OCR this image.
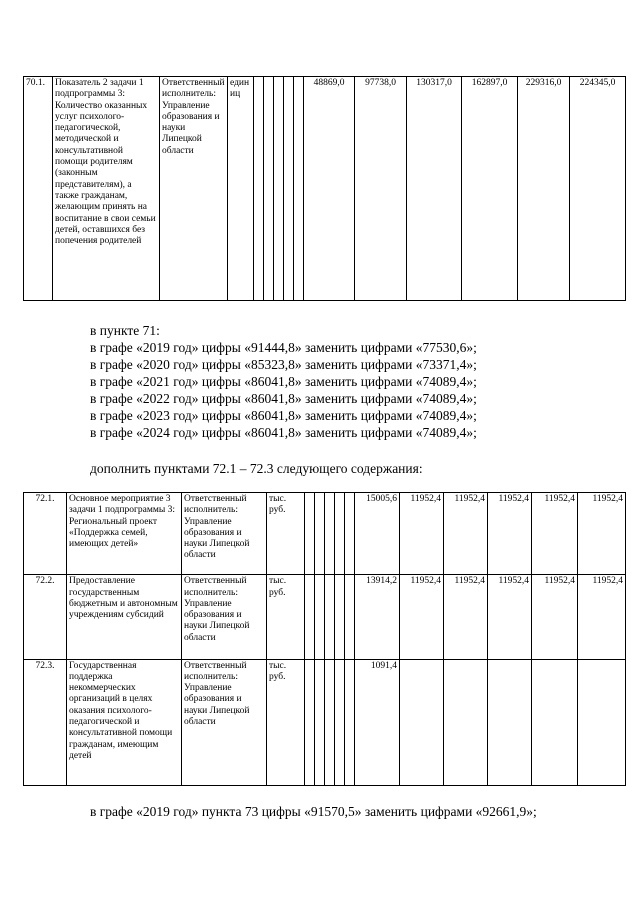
70.1.	Показатель 2 задачи 1 подпрограммы 3: Количество оказанных услуг психолого-педагогической, методической и консультативной помощи родителям (законным представителям), а также гражданам, желающим принять на воспитание в свои семьи детей, оставшихся без попечения родителей	Ответственный исполнитель: Управление образования и науки Липецкой области	единиц						48869,0	97738,0	130317,0	162897,0	229316,0	224345,0
в пункте 71:
в графе «2019 год» цифры «91444,8» заменить цифрами «77530,6»;
в графе «2020 год» цифры «85323,8» заменить цифрами «73371,4»;
в графе «2021 год» цифры «86041,8» заменить цифрами «74089,4»;
в графе «2022 год» цифры «86041,8» заменить цифрами «74089,4»;
в графе «2023 год» цифры «86041,8» заменить цифрами «74089,4»;
в графе «2024 год» цифры «86041,8» заменить цифрами «74089,4»;
дополнить пунктами 72.1 – 72.3 следующего содержания:
72.1.	Основное мероприятие 3 задачи 1 подпрограммы 3: Региональный проект «Поддержка семей, имеющих детей»	Ответственный исполнитель: Управление образования и науки Липецкой области	тыс. руб.						15005,6	11952,4	11952,4	11952,4	11952,4	11952,4
72.2.	Предоставление государственным бюджетным и автономным учреждениям субсидий	Ответственный исполнитель: Управление образования и науки Липецкой области	тыс. руб.						13914,2	11952,4	11952,4	11952,4	11952,4	11952,4
72.3.	Государственная поддержка некоммерческих организаций в целях оказания психолого-педагогической и консультативной помощи гражданам, имеющим детей	Ответственный исполнитель: Управление образования и науки Липецкой области	тыс. руб.						1091,4					
в графе «2019 год» пункта 73 цифры «91570,5» заменить цифрами «92661,9»;
